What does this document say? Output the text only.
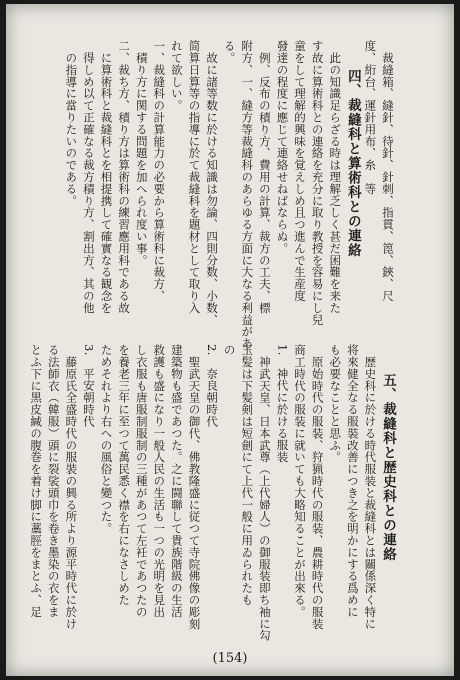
　裁縫箱、縫針、待針、針刺、指貫、箆、鋏、尺
度、絎台、運針用布、糸　等
　　四、裁縫科と算術科との連絡
　此の知識足らざる時は理解乏しく甚だ困難を来た
す故に算術科との連絡を充分に取り教授を容易にし兒
童をして理解的興味を覚えしめ且つ進んで生産度
發達の程度に應じて連絡せねばならぬ。
　例、反布の積り方、費用の計算、裁方の工夫、標
附方、一、縫方等裁縫科のあらゆる方面に大なる利益があ
る。
　故に諸等数に於ける知識は勿論、四則分数、小数、
简算日算等の指導に於て裁縫科を題材として取り入
れて欲しい。
一、裁縫科の計算能力の必要から算術科に裁方、
　積り方に関する問題を加へられ度い事。
二、裁ち方、積り方は算術科の練習應用科である故
　に算術科と裁縫科とを相提携して確實なる観念を
　得しめ以て正確なる裁方積り方、割出方、其の他
　の指導に當りたいのである。
　　五、裁縫科と歴史科との連絡
　歴史科に於ける時代服装と裁縫科とは關係深く特に
将來健全なる服裝改善につき之を明かにする爲めに
も必要なことと思ふ。
　原始時代の服装、狩猟時代の服装、農耕時代の服装
商工時代の服装に就いても大略知ることが出來る。
1.　神代に於ける服装
　神武天皇、日本武尊（上代婦人）の御服装即ち袖に勾
玉髪は下髪剣は短劍にて上代一般に用ゐられたも
の
2.　奈良朝時代
　聖武天皇の御代、佛教隆盛に従つて寺院佛像の彫刻
建築物も盛であつた。之に闘聯して貴族階級の生活
救護も盛になり一般人民の生活も一つの光明を見出
し衣服も唐服制服制の三種があつて左衽であつたの
を養老三年に至つて萬民悉く襟を右になさしめた
ためそれより右への風俗と變つた。
3.　平安朝時代
　藤原氏全盛時代の服裝の興る所より源平時代に於け
る法師衣（韓服）頭に裂裟頭巾を卷き墨染の衣をま
とふ下に黒皮緘の腹巻を着け脚に藁脛をまとふ、足
(154)
